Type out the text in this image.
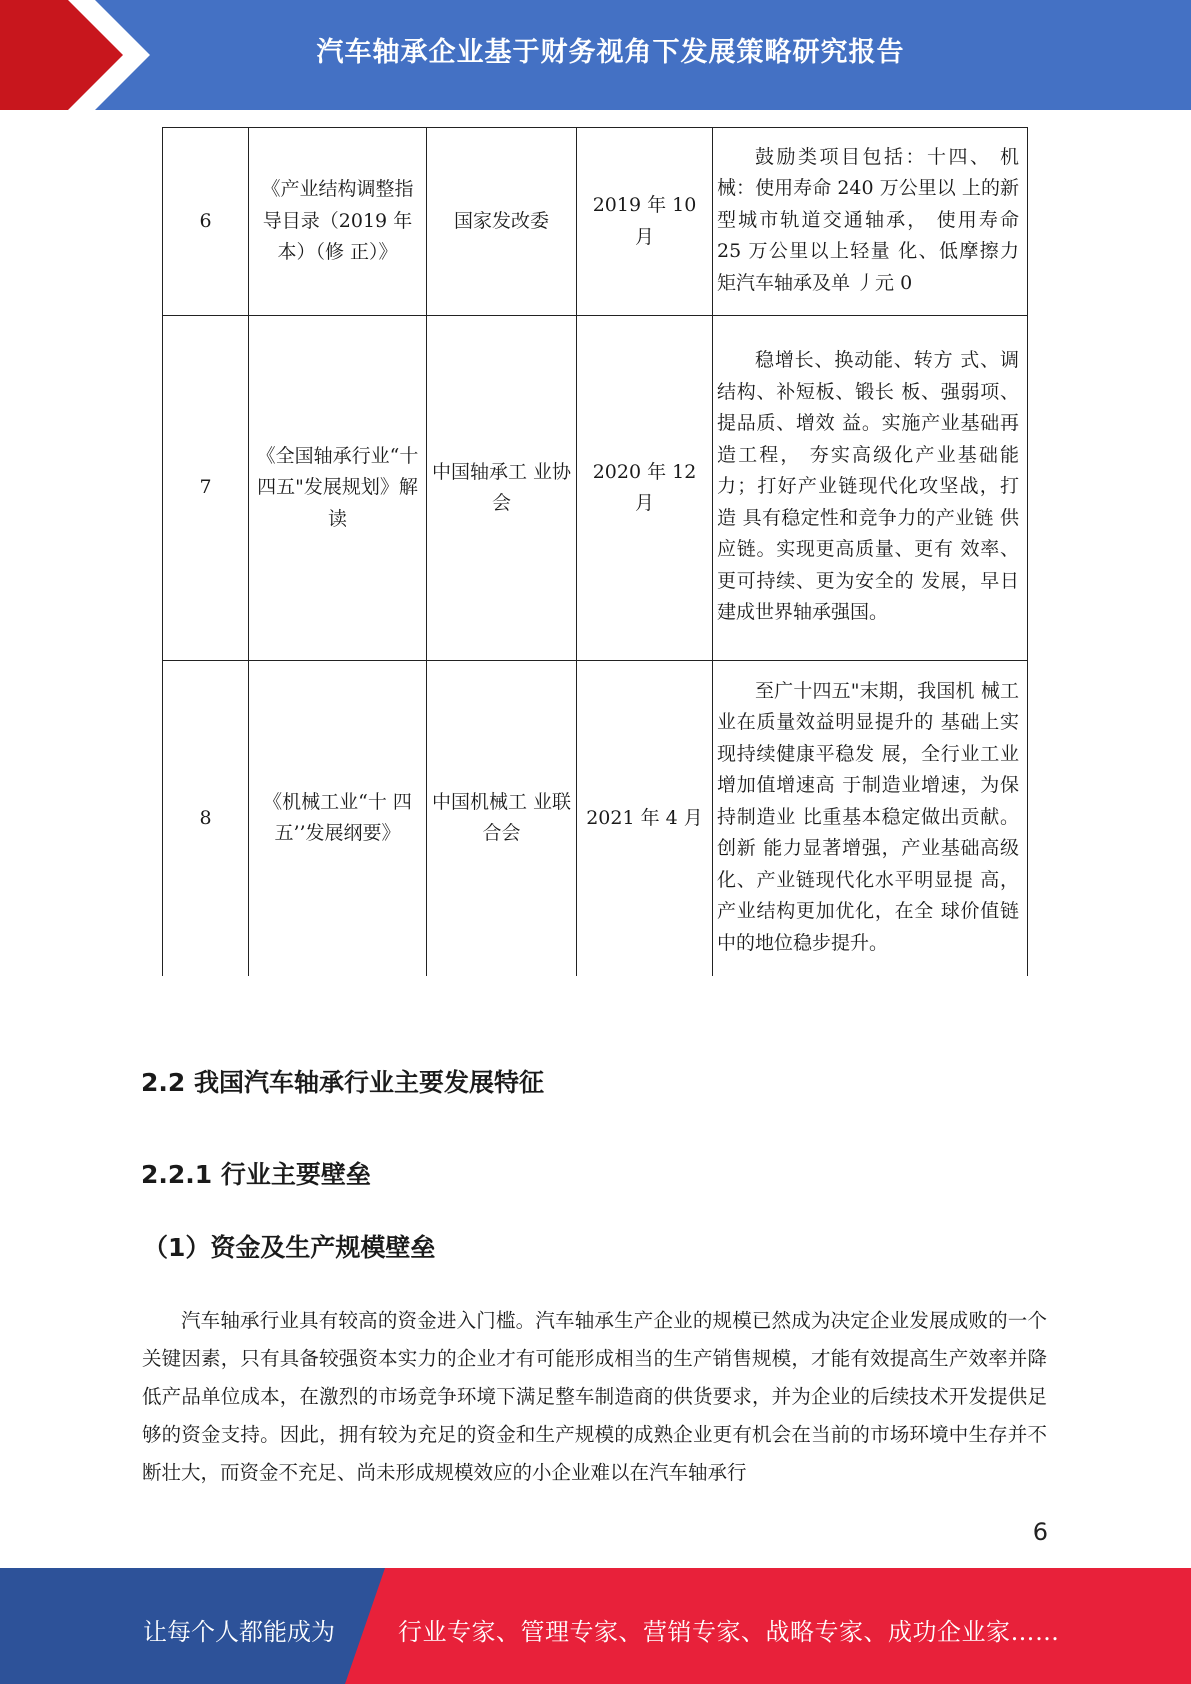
汽车轴承企业基于财务视角下发展策略研究报告
6	《产业结构调整指导目录（2019 年本）（修 正）》	国家发改委	2019 年 10 月	鼓励类项目包括：十四、 机械：使用寿命 240 万公里以 上的新型城市轨道交通轴承， 使用寿命 25 万公里以上轻量 化、低摩擦力矩汽车轴承及单 丿元 0

7	《全国轴承行业“十四五"发展规划》解读	中国轴承工 业协会	2020 年 12 月	稳增长、换动能、转方 式、调结构、补短板、锻长 板、强弱项、提品质、增效 益。实施产业基础再造工程， 夯实高级化产业基础能力；打好产业链现代化攻坚战，打造 具有稳定性和竞争力的产业链 供应链。实现更高质量、更有 效率、更可持续、更为安全的 发展，早日建成世界轴承强国。

8	《机械工业“十 四五’’发展纲要》	中国机械工 业联合会	2021 年 4 月	至广十四五"末期，我国机 械工业在质量效益明显提升的 基础上实现持续健康平稳发 展，全行业工业增加值增速高 于制造业增速，为保持制造业 比重基本稳定做出贡献。创新 能力显著增强，产业基础高级 化、产业链现代化水平明显提 高，产业结构更加优化，在全 球价值链中的地位稳步提升。
2.2 我国汽车轴承行业主要发展特征
2.2.1 行业主要壁垒
（1）资金及生产规模壁垒

汽车轴承行业具有较高的资金进入门槛。汽车轴承生产企业的规模已然成为决定企业发展成败的一个关键因素，只有具备较强资本实力的企业才有可能形成相当的生产销售规模，才能有效提高生产效率并降低产品单位成本，在激烈的市场竞争环境下满足整车制造商的供货要求，并为企业的后续技术开发提供足够的资金支持。因此，拥有较为充足的资金和生产规模的成熟企业更有机会在当前的市场环境中生存并不断壮大，而资金不充足、尚未形成规模效应的小企业难以在汽车轴承行

6
让每个人都能成为	行业专家、管理专家、营销专家、战略专家、成功企业家……
